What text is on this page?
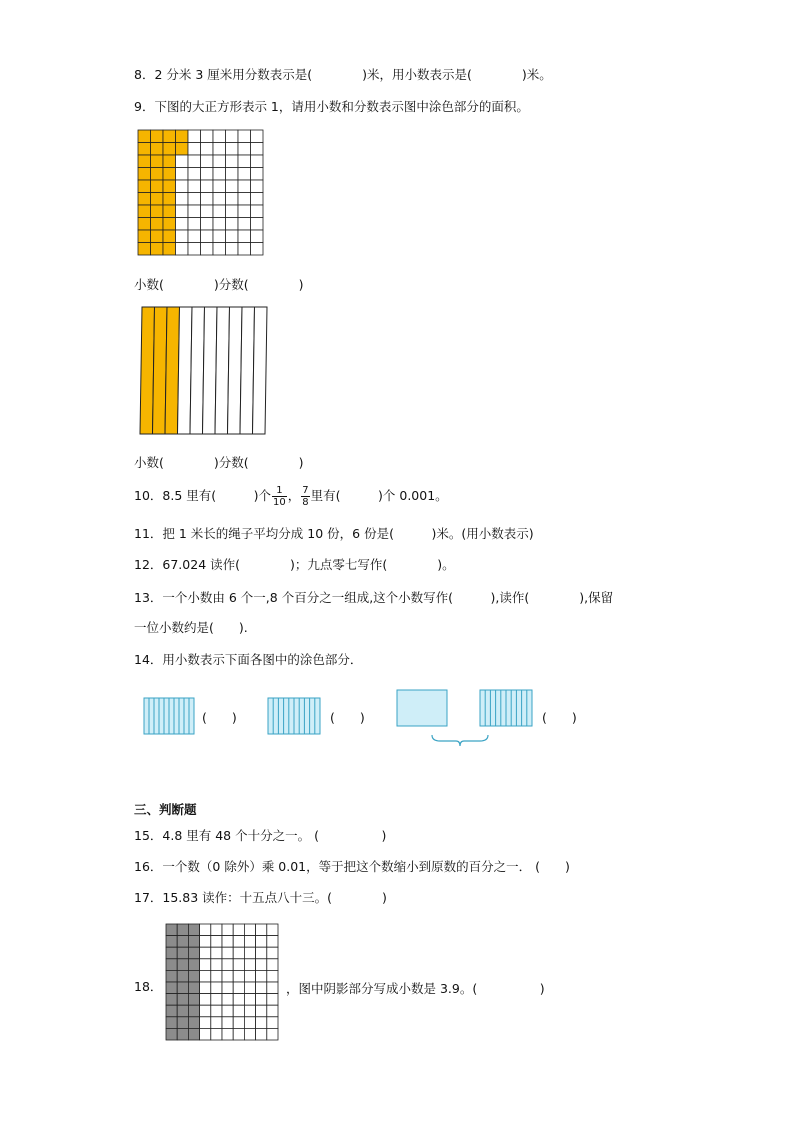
8．2 分米 3 厘米用分数表示是(　　　　)米，用小数表示是(　　　　)米。
9．下图的大正方形表示 1，请用小数和分数表示图中涂色部分的面积。
小数(　　　　)分数(　　　　)
小数(　　　　)分数(　　　　)
10．8.5 里有(　　　)个 $\frac{1}{10}$ ， $\frac{7}{8}$ 里有(　　　)个 0.001。
11．把 1 米长的绳子平均分成 10 份，6 份是(　　　)米。(用小数表示)
12．67.024 读作(　　　　)；九点零七写作(　　　　)。
13．一个小数由 6 个一,8 个百分之一组成,这个小数写作(　　　),读作(　　　　),保留
一位小数约是(　　).
14．用小数表示下面各图中的涂色部分．
(　　)	(　　)	(　　)
三、判断题
15．4.8 里有 48 个十分之一。 (　　　　　)
16．一个数（0 除外）乘 0.01，等于把这个数缩小到原数的百分之一． (　　)
17．15.83 读作：十五点八十三。(　　　　)
18．	，图中阴影部分写成小数是 3.9。(　　　　　)
